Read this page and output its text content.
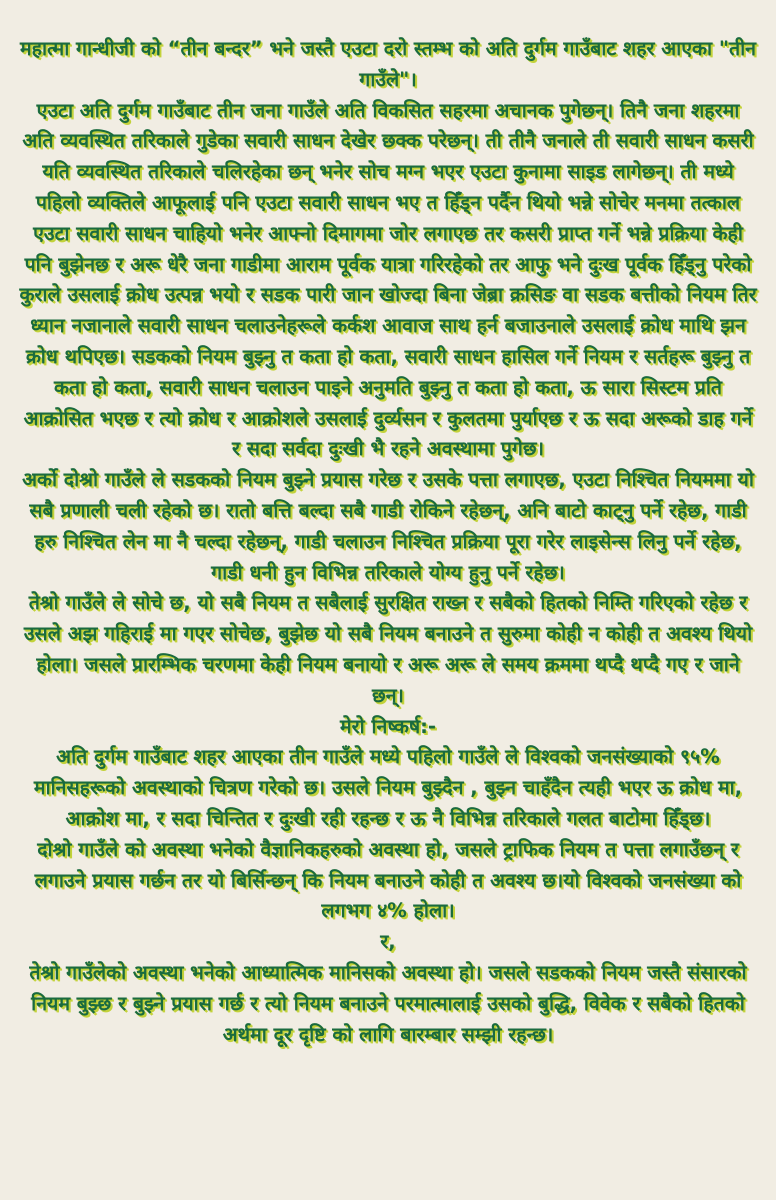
महात्मा गान्धीजी को “तीन बन्दर” भने जस्तै एउटा दरो स्तम्भ को अति दुर्गम गाउँबाट शहर आएका "तीन गाउँले"।

एउटा अति दुर्गम गाउँबाट तीन जना गाउँले अति विकसित सहरमा अचानक पुगेछन्। तिनै जना शहरमा अति व्यवस्थित तरिकाले गुडेका सवारी साधन देखेर छक्क परेछन्। ती तीनै जनाले ती सवारी साधन कसरी यति व्यवस्थित तरिकाले चलिरहेका छन् भनेर सोच मग्न भएर एउटा कुनामा साइड लागेछन्। ती मध्ये पहिलो व्यक्तिले आफूलाई पनि एउटा सवारी साधन भए त हिँड्न पर्दैन थियो भन्ने सोचेर मनमा तत्काल एउटा सवारी साधन चाहियो भनेर आफ्नो दिमागमा जोर लगाएछ तर कसरी प्राप्त गर्ने भन्ने प्रक्रिया केही पनि बुझेनछ र अरू धेरै जना गाडीमा आराम पूर्वक यात्रा गरिरहेको तर आफु भने दुःख पूर्वक हिँड्नु परेको कुराले उसलाई क्रोध उत्पन्न भयो र सडक पारी जान खोज्दा बिना जेब्रा क्रसिङ वा सडक बत्तीको नियम तिर ध्यान नजानाले सवारी साधन चलाउनेहरूले कर्कश आवाज साथ हर्न बजाउनाले उसलाई क्रोध माथि झन क्रोध थपिएछ। सडकको नियम बुझ्नु त कता हो कता, सवारी साधन हासिल गर्ने नियम र सर्तहरू बुझ्नु त कता हो कता, सवारी साधन चलाउन पाइने अनुमति बुझ्नु त कता हो कता, ऊ सारा सिस्टम प्रति आक्रोसित भएछ र त्यो क्रोध र आक्रोशले उसलाई दुर्व्यसन र कुलतमा पुर्याएछ र ऊ सदा अरूको डाह गर्ने र सदा सर्वदा दुःखी भै रहने अवस्थामा पुगेछ।

अर्को दोश्रो गाउँले ले सडकको नियम बुझ्ने प्रयास गरेछ र उसके पत्ता लगाएछ, एउटा निश्चित नियममा यो सबै प्रणाली चली रहेको छ। रातो बत्ति बल्दा सबै गाडी रोकिने रहेछन्, अनि बाटो काट्नु पर्ने रहेछ, गाडी हरु निश्चित लेन मा नै चल्दा रहेछन्, गाडी चलाउन निश्चित प्रक्रिया पूरा गरेर लाइसेन्स लिनु पर्ने रहेछ, गाडी धनी हुन विभिन्न तरिकाले योग्य हुनु पर्ने रहेछ।

तेश्रो गाउँले ले सोचे छ, यो सबै नियम त सबैलाई सुरक्षित राख्न र सबैको हितको निम्ति गरिएको रहेछ र उसले अझ गहिराई मा गएर सोचेछ, बुझेछ यो सबै नियम बनाउने त सुरुमा कोही न कोही त अवश्य थियो होला। जसले प्रारम्भिक चरणमा केही नियम बनायो र अरू अरू ले समय क्रममा थप्दै थप्दै गए र जाने छन्।

मेरो निष्कर्ष:-

अति दुर्गम गाउँबाट शहर आएका तीन गाउँले मध्ये पहिलो गाउँले ले विश्वको जनसंख्याको ९५% मानिसहरूको अवस्थाको चित्रण गरेको छ। उसले नियम बुझ्दैन , बुझ्न चाहँदैन त्यही भएर ऊ क्रोध मा, आक्रोश मा, र सदा चिन्तित र दुःखी रही रहन्छ र ऊ नै विभिन्न तरिकाले गलत बाटोमा हिँड्छ।

दोश्रो गाउँले को अवस्था भनेको वैज्ञानिकहरुको अवस्था हो, जसले ट्राफिक नियम त पत्ता लगाउँछन् र लगाउने प्रयास गर्छन तर यो बिर्सिन्छन् कि नियम बनाउने कोही त अवश्य छ।यो विश्वको जनसंख्या को लगभग ४% होला।

र,

तेश्रो गाउँलेको अवस्था भनेको आध्यात्मिक मानिसको अवस्था हो। जसले सडकको नियम जस्तै संसारको नियम बुझ्छ र बुझ्ने प्रयास गर्छ र त्यो नियम बनाउने परमात्मालाई उसको बुद्धि, विवेक र सबैको हितको अर्थमा दूर दृष्टि को लागि बारम्बार सम्झी रहन्छ।
